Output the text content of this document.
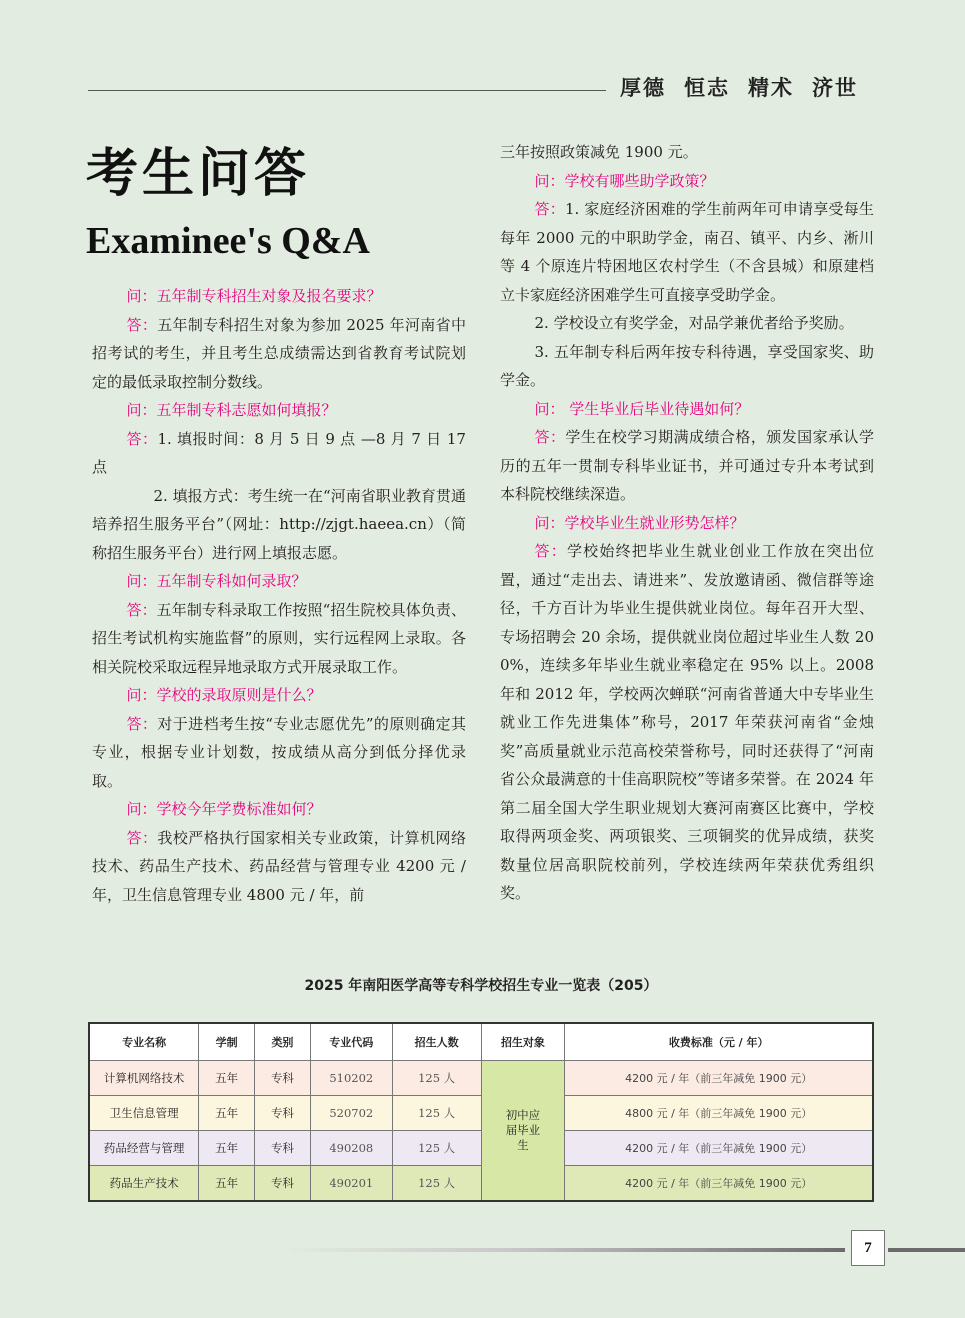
厚德 恒志 精术 济世
考生问答
Examinee's Q&A

问：五年制专科招生对象及报名要求？

答：五年制专科招生对象为参加 2025 年河南省中招考试的考生，并且考生总成绩需达到省教育考试院划定的最低录取控制分数线。

问：五年制专科志愿如何填报？

答：1. 填报时间：8 月 5 日 9 点 —8 月 7 日 17 点

2. 填报方式：考生统一在“河南省职业教育贯通培养招生服务平台”（网址：http://zjgt.haeea.cn）（简称招生服务平台）进行网上填报志愿。

问：五年制专科如何录取？

答：五年制专科录取工作按照“招生院校具体负责、招生考试机构实施监督”的原则，实行远程网上录取。各相关院校采取远程异地录取方式开展录取工作。

问：学校的录取原则是什么？

答：对于进档考生按“专业志愿优先”的原则确定其专业，根据专业计划数，按成绩从高分到低分择优录取。

问：学校今年学费标准如何？

答：我校严格执行国家相关专业政策，计算机网络技术、药品生产技术、药品经营与管理专业 4200 元 / 年，卫生信息管理专业 4800 元 / 年，前

三年按照政策减免 1900 元。

问：学校有哪些助学政策？

答：1. 家庭经济困难的学生前两年可申请享受每生每年 2000 元的中职助学金，南召、镇平、内乡、淅川等 4 个原连片特困地区农村学生（不含县城）和原建档立卡家庭经济困难学生可直接享受助学金。

2. 学校设立有奖学金，对品学兼优者给予奖励。

3. 五年制专科后两年按专科待遇，享受国家奖、助学金。

问： 学生毕业后毕业待遇如何？

答：学生在校学习期满成绩合格，颁发国家承认学历的五年一贯制专科毕业证书，并可通过专升本考试到本科院校继续深造。

问：学校毕业生就业形势怎样？

答：学校始终把毕业生就业创业工作放在突出位置，通过“走出去、请进来”、发放邀请函、微信群等途径，千方百计为毕业生提供就业岗位。每年召开大型、专场招聘会 20 余场，提供就业岗位超过毕业生人数 200%，连续多年毕业生就业率稳定在 95% 以上。2008 年和 2012 年，学校两次蝉联“河南省普通大中专毕业生就业工作先进集体”称号，2017 年荣获河南省“金烛奖”高质量就业示范高校荣誉称号，同时还获得了“河南省公众最满意的十佳高职院校”等诸多荣誉。在 2024 年第二届全国大学生职业规划大赛河南赛区比赛中，学校取得两项金奖、两项银奖、三项铜奖的优异成绩，获奖数量位居高职院校前列，学校连续两年荣获优秀组织奖。

2025 年南阳医学高等专科学校招生专业一览表（205）
专业名称	学制	类别	专业代码	招生人数	招生对象	收费标准（元 / 年）
计算机网络技术	五年	专科	510202	125 人	初中应届毕业生	4200 元 / 年（前三年减免 1900 元）
卫生信息管理	五年	专科	520702	125 人		4800 元 / 年（前三年减免 1900 元）
药品经营与管理	五年	专科	490208	125 人		4200 元 / 年（前三年减免 1900 元）
药品生产技术	五年	专科	490201	125 人		4200 元 / 年（前三年减免 1900 元）
7
